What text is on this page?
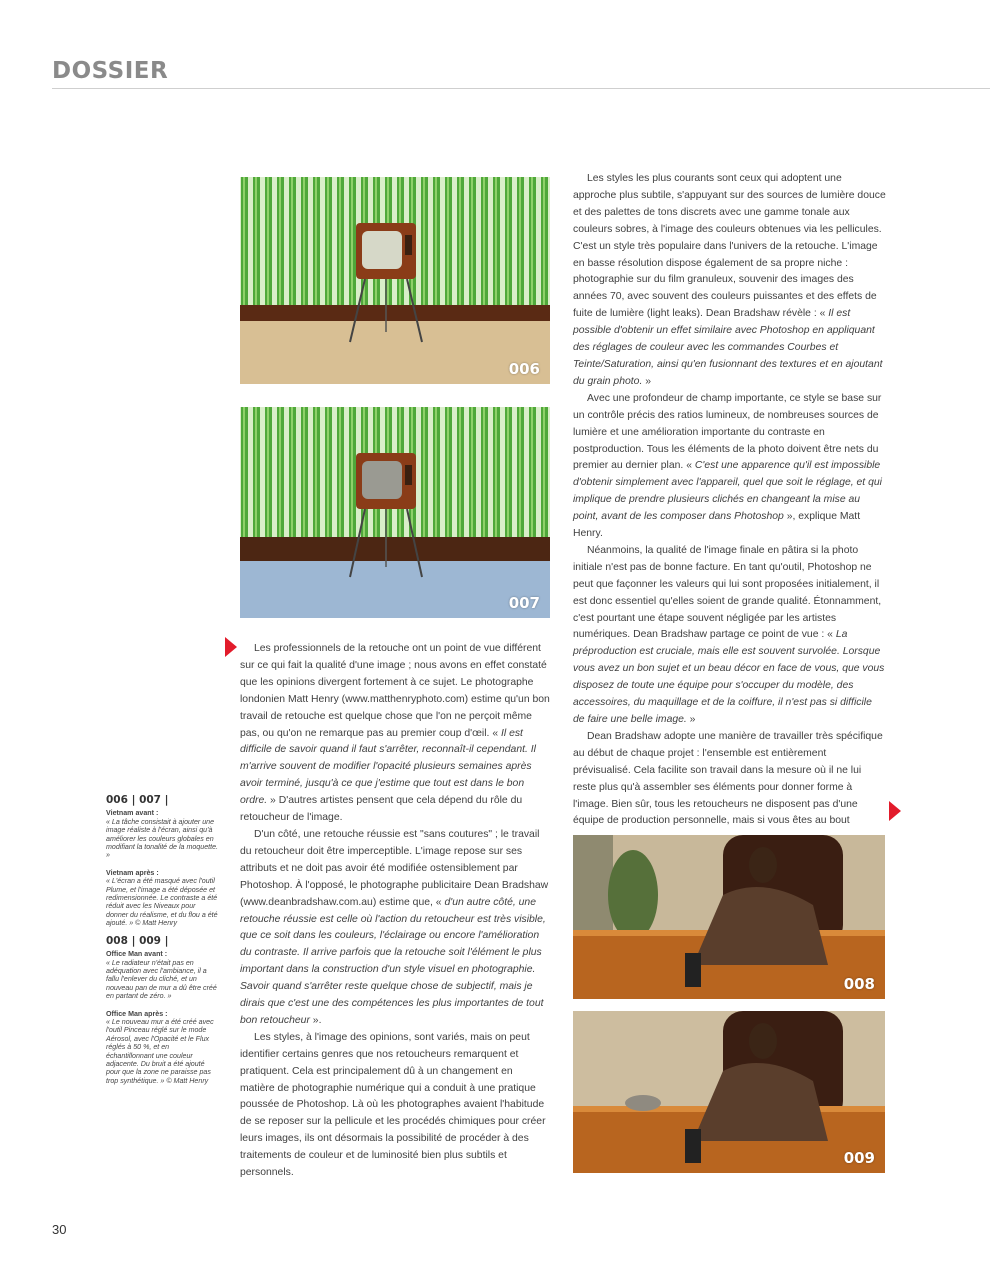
DOSSIER
006
007
008
009

Les professionnels de la retouche ont un point de vue différent sur ce qui fait la qualité d'une image ; nous avons en effet constaté que les opinions divergent fortement à ce sujet. Le photographe londonien Matt Henry (www.matthenryphoto.com) estime qu'un bon travail de retouche est quelque chose que l'on ne perçoit même pas, ou qu'on ne remarque pas au premier coup d'œil. « Il est difficile de savoir quand il faut s'arrêter, reconnaît-il cependant. Il m'arrive souvent de modifier l'opacité plusieurs semaines après avoir terminé, jusqu'à ce que j'estime que tout est dans le bon ordre. » D'autres artistes pensent que cela dépend du rôle du retoucheur de l'image.

D'un côté, une retouche réussie est "sans coutures" ; le travail du retoucheur doit être imperceptible. L'image repose sur ses attributs et ne doit pas avoir été modifiée ostensiblement par Photoshop. À l'opposé, le photographe publicitaire Dean Bradshaw (www.deanbradshaw.com.au) estime que, « d'un autre côté, une retouche réussie est celle où l'action du retoucheur est très visible, que ce soit dans les couleurs, l'éclairage ou encore l'amélioration du contraste. Il arrive parfois que la retouche soit l'élément le plus important dans la construction d'un style visuel en photographie. Savoir quand s'arrêter reste quelque chose de subjectif, mais je dirais que c'est une des compétences les plus importantes de tout bon retoucheur ».

Les styles, à l'image des opinions, sont variés, mais on peut identifier certains genres que nos retoucheurs remarquent et pratiquent. Cela est principalement dû à un changement en matière de photographie numérique qui a conduit à une pratique poussée de Photoshop. Là où les photographes avaient l'habitude de se reposer sur la pellicule et les procédés chimiques pour créer leurs images, ils ont désormais la possibilité de procéder à des traitements de couleur et de luminosité bien plus subtils et personnels.

Les styles les plus courants sont ceux qui adoptent une approche plus subtile, s'appuyant sur des sources de lumière douce et des palettes de tons discrets avec une gamme tonale aux couleurs sobres, à l'image des couleurs obtenues via les pellicules. C'est un style très populaire dans l'univers de la retouche. L'image en basse résolution dispose également de sa propre niche : photographie sur du film granuleux, souvenir des images des années 70, avec souvent des couleurs puissantes et des effets de fuite de lumière (light leaks). Dean Bradshaw révèle : « Il est possible d'obtenir un effet similaire avec Photoshop en appliquant des réglages de couleur avec les commandes Courbes et Teinte/Saturation, ainsi qu'en fusionnant des textures et en ajoutant du grain photo. »

Avec une profondeur de champ importante, ce style se base sur un contrôle précis des ratios lumineux, de nombreuses sources de lumière et une amélioration importante du contraste en postproduction. Tous les éléments de la photo doivent être nets du premier au dernier plan. « C'est une apparence qu'il est impossible d'obtenir simplement avec l'appareil, quel que soit le réglage, et qui implique de prendre plusieurs clichés en changeant la mise au point, avant de les composer dans Photoshop », explique Matt Henry.

Néanmoins, la qualité de l'image finale en pâtira si la photo initiale n'est pas de bonne facture. En tant qu'outil, Photoshop ne peut que façonner les valeurs qui lui sont proposées initialement, il est donc essentiel qu'elles soient de grande qualité. Étonnamment, c'est pourtant une étape souvent négligée par les artistes numériques. Dean Bradshaw partage ce point de vue : « La préproduction est cruciale, mais elle est souvent survolée. Lorsque vous avez un bon sujet et un beau décor en face de vous, que vous disposez de toute une équipe pour s'occuper du modèle, des accessoires, du maquillage et de la coiffure, il n'est pas si difficile de faire une belle image. »

Dean Bradshaw adopte une manière de travailler très spécifique au début de chaque projet : l'ensemble est entièrement prévisualisé. Cela facilite son travail dans la mesure où il ne lui reste plus qu'à assembler ses éléments pour donner forme à l'image. Bien sûr, tous les retoucheurs ne disposent pas d'une équipe de production personnelle, mais si vous êtes au bout

006 | 007 |
Vietnam avant :
« La tâche consistait à ajouter une image réaliste à l'écran, ainsi qu'à améliorer les couleurs globales en modifiant la tonalité de la moquette. »
Vietnam après :
« L'écran a été masqué avec l'outil Plume, et l'image a été déposée et redimensionnée. Le contraste a été réduit avec les Niveaux pour donner du réalisme, et du flou a été ajouté. » © Matt Henry
008 | 009 |
Office Man avant :
« Le radiateur n'était pas en adéquation avec l'ambiance, il a fallu l'enlever du cliché, et un nouveau pan de mur a dû être créé en partant de zéro. »
Office Man après :
« Le nouveau mur a été créé avec l'outil Pinceau réglé sur le mode Aérosol, avec l'Opacité et le Flux réglés à 50 %, et en échantillonnant une couleur adjacente. Du bruit a été ajouté pour que la zone ne paraisse pas trop synthétique. » © Matt Henry
30
